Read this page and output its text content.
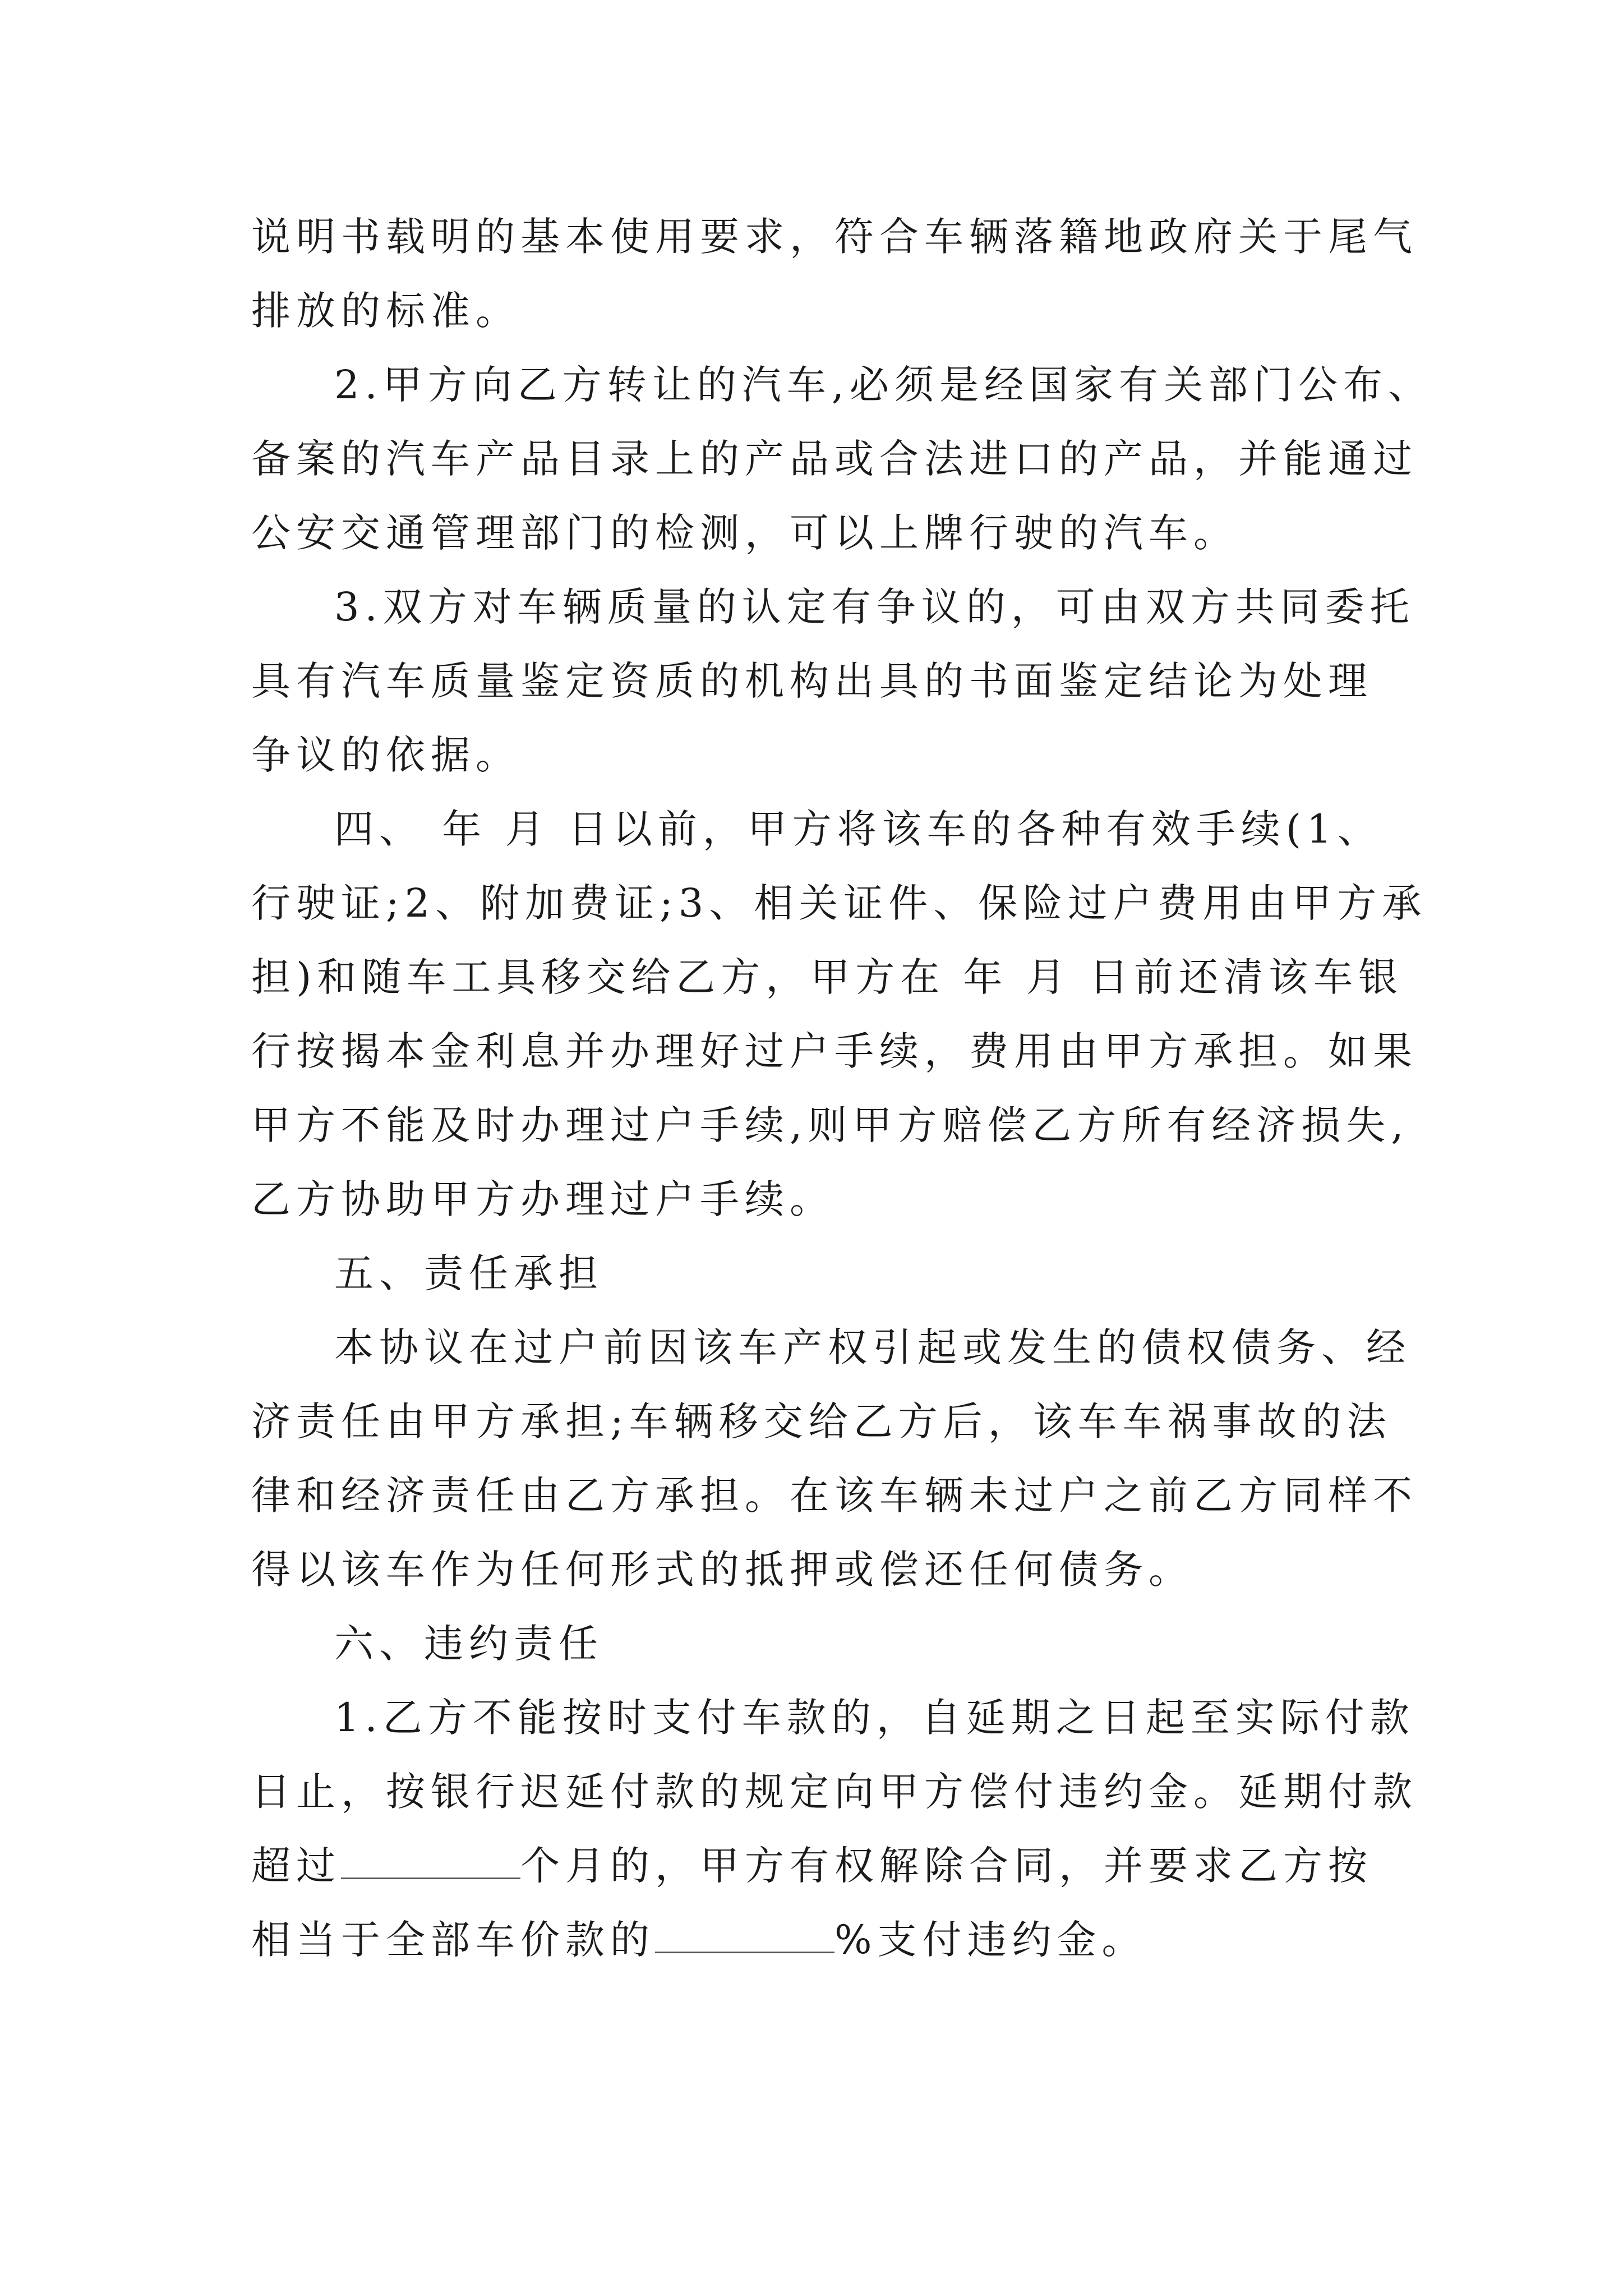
说明书载明的基本使用要求，符合车辆落籍地政府关于尾气
排放的标准。
2.甲方向乙方转让的汽车,必须是经国家有关部门公布、
备案的汽车产品目录上的产品或合法进口的产品，并能通过
公安交通管理部门的检测，可以上牌行驶的汽车。
3.双方对车辆质量的认定有争议的，可由双方共同委托
具有汽车质量鉴定资质的机构出具的书面鉴定结论为处理
争议的依据。
四、 年 月 日以前，甲方将该车的各种有效手续(1、
行驶证;2、附加费证;3、相关证件、保险过户费用由甲方承
担)和随车工具移交给乙方，甲方在 年 月 日前还清该车银
行按揭本金利息并办理好过户手续，费用由甲方承担。如果
甲方不能及时办理过户手续,则甲方赔偿乙方所有经济损失,
乙方协助甲方办理过户手续。
五、责任承担
本协议在过户前因该车产权引起或发生的债权债务、经
济责任由甲方承担;车辆移交给乙方后，该车车祸事故的法
律和经济责任由乙方承担。在该车辆未过户之前乙方同样不
得以该车作为任何形式的抵押或偿还任何债务。
六、违约责任
1.乙方不能按时支付车款的，自延期之日起至实际付款
日止，按银行迟延付款的规定向甲方偿付违约金。延期付款
超过	个月的，甲方有权解除合同，并要求乙方按
相当于全部车价款的	%支付违约金。
